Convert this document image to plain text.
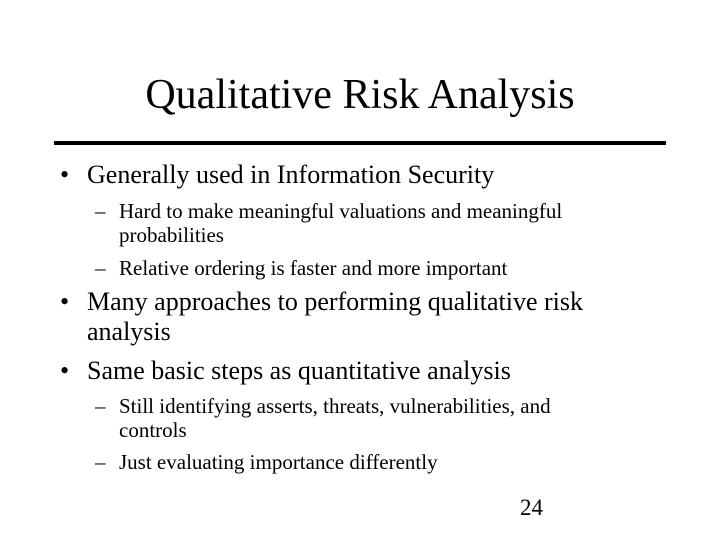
Qualitative Risk Analysis
• Generally used in Information Security
– Hard to make meaningful valuations and meaningful
probabilities
– Relative ordering is faster and more important
• Many approaches to performing qualitative risk
analysis
• Same basic steps as quantitative analysis
– Still identifying asserts, threats, vulnerabilities, and
controls
– Just evaluating importance differently
24
